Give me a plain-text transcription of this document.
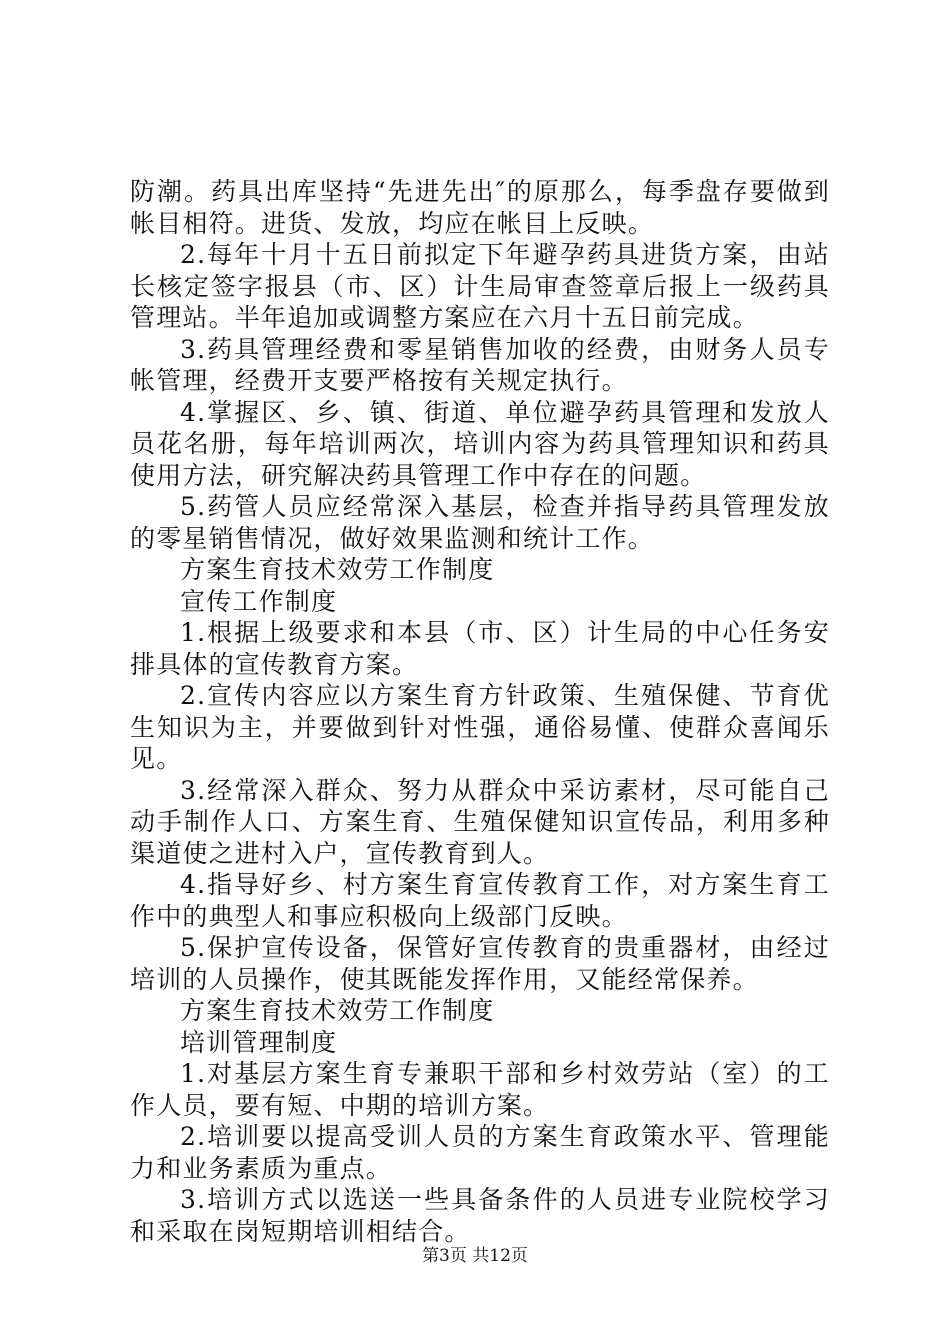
防潮。药具出库坚持“先进先出″的原那么，每季盘存要做到帐目相符。进货、发放，均应在帐目上反映。

2.每年十月十五日前拟定下年避孕药具进货方案，由站长核定签字报县（市、区）计生局审查签章后报上一级药具管理站。半年追加或调整方案应在六月十五日前完成。

3.药具管理经费和零星销售加收的经费，由财务人员专帐管理，经费开支要严格按有关规定执行。

4.掌握区、乡、镇、街道、单位避孕药具管理和发放人员花名册，每年培训两次，培训内容为药具管理知识和药具使用方法，研究解决药具管理工作中存在的问题。

5.药管人员应经常深入基层，检查并指导药具管理发放的零星销售情况，做好效果监测和统计工作。

方案生育技术效劳工作制度

宣传工作制度

1.根据上级要求和本县（市、区）计生局的中心任务安排具体的宣传教育方案。

2.宣传内容应以方案生育方针政策、生殖保健、节育优生知识为主，并要做到针对性强，通俗易懂、使群众喜闻乐见。

3.经常深入群众、努力从群众中采访素材，尽可能自己动手制作人口、方案生育、生殖保健知识宣传品，利用多种渠道使之进村入户，宣传教育到人。

4.指导好乡、村方案生育宣传教育工作，对方案生育工作中的典型人和事应积极向上级部门反映。

5.保护宣传设备，保管好宣传教育的贵重器材，由经过培训的人员操作，使其既能发挥作用，又能经常保养。

方案生育技术效劳工作制度

培训管理制度

1.对基层方案生育专兼职干部和乡村效劳站（室）的工作人员，要有短、中期的培训方案。

2.培训要以提高受训人员的方案生育政策水平、管理能力和业务素质为重点。

3.培训方式以选送一些具备条件的人员进专业院校学习和采取在岗短期培训相结合。

第3页 共12页
